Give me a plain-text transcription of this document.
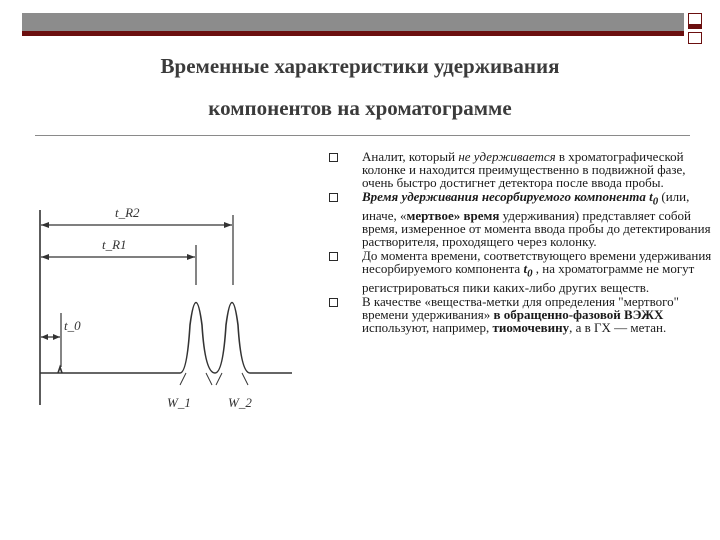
Временные характеристики удерживания
компонентов на хроматограмме
t_R2
t_R1
t_0
W_1	W_2
Аналит, который не удерживается в хроматографической колонке и находится преимущественно в подвижной фазе, очень быстро достигнет детектора после ввода пробы.
Время удерживания несорбируемого компонента $t_0$ (или, иначе, «мертвое» время удерживания) представляет собой время, измеренное от момента ввода пробы до детектирования растворителя, проходящего через колонку.
До момента времени, соответствующего времени удерживания несорбируемого компонента $t_0$ , на хроматограмме не могут регистрироваться пики каких-либо других веществ.
В качестве «вещества-метки для определения "мертвого" времени удерживания» в обращенно-фазовой ВЭЖХ используют, например, тиомочевину, а в ГХ — метан.
